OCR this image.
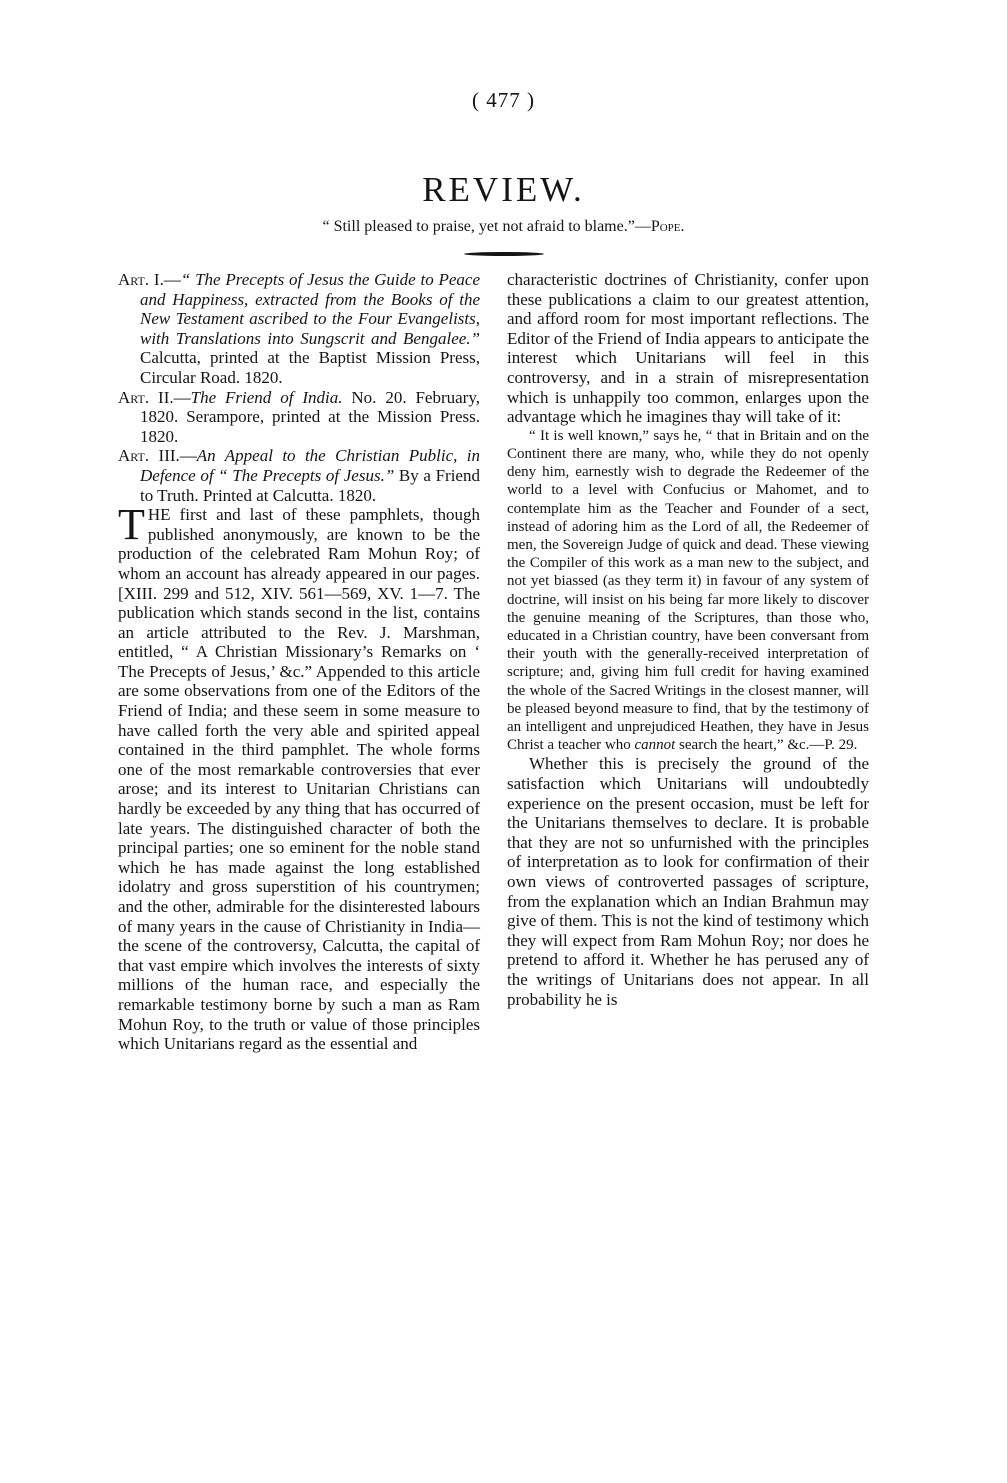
( 477 )
REVIEW.
“ Still pleased to praise, yet not afraid to blame.”—Pope.

Art. I.—“ The Precepts of Jesus the Guide to Peace and Happiness, extracted from the Books of the New Testament ascribed to the Four Evangelists, with Translations into Sungscrit and Bengalee.” Calcutta, printed at the Baptist Mission Press, Circular Road. 1820.

Art. II.—The Friend of India. No. 20. February, 1820. Serampore, printed at the Mission Press. 1820.

Art. III.—An Appeal to the Christian Public, in Defence of “ The Precepts of Jesus.” By a Friend to Truth. Printed at Calcutta. 1820.

THE first and last of these pamphlets, though published anonymously, are known to be the production of the celebrated Ram Mohun Roy; of whom an account has already appeared in our pages. [XIII. 299 and 512, XIV. 561—569, XV. 1—7. The publication which stands second in the list, contains an article attributed to the Rev. J. Marshman, entitled, “ A Christian Missionary’s Remarks on ‘ The Precepts of Jesus,’ &c.” Appended to this article are some observations from one of the Editors of the Friend of India; and these seem in some measure to have called forth the very able and spirited appeal contained in the third pamphlet. The whole forms one of the most remarkable controversies that ever arose; and its interest to Unitarian Christians can hardly be exceeded by any thing that has occurred of late years. The distinguished character of both the principal parties; one so eminent for the noble stand which he has made against the long established idolatry and gross superstition of his countrymen; and the other, admirable for the disinterested labours of many years in the cause of Christianity in India—the scene of the controversy, Calcutta, the capital of that vast empire which involves the interests of sixty millions of the human race, and especially the remarkable testimony borne by such a man as Ram Mohun Roy, to the truth or value of those principles which Unitarians regard as the essential and

characteristic doctrines of Christianity, confer upon these publications a claim to our greatest attention, and afford room for most important reflections. The Editor of the Friend of India appears to anticipate the interest which Unitarians will feel in this controversy, and in a strain of misrepresentation which is unhappily too common, enlarges upon the advantage which he imagines thay will take of it:

“ It is well known,” says he, “ that in Britain and on the Continent there are many, who, while they do not openly deny him, earnestly wish to degrade the Redeemer of the world to a level with Confucius or Mahomet, and to contemplate him as the Teacher and Founder of a sect, instead of adoring him as the Lord of all, the Redeemer of men, the Sovereign Judge of quick and dead. These viewing the Compiler of this work as a man new to the subject, and not yet biassed (as they term it) in favour of any system of doctrine, will insist on his being far more likely to discover the genuine meaning of the Scriptures, than those who, educated in a Christian country, have been conversant from their youth with the generally-received interpretation of scripture; and, giving him full credit for having examined the whole of the Sacred Writings in the closest manner, will be pleased beyond measure to find, that by the testimony of an intelligent and unprejudiced Heathen, they have in Jesus Christ a teacher who cannot search the heart,” &c.—P. 29.

Whether this is precisely the ground of the satisfaction which Unitarians will undoubtedly experience on the present occasion, must be left for the Unitarians themselves to declare. It is probable that they are not so unfurnished with the principles of interpretation as to look for confirmation of their own views of controverted passages of scripture, from the explanation which an Indian Brahmun may give of them. This is not the kind of testimony which they will expect from Ram Mohun Roy; nor does he pretend to afford it. Whether he has perused any of the writings of Unitarians does not appear. In all probability he is
